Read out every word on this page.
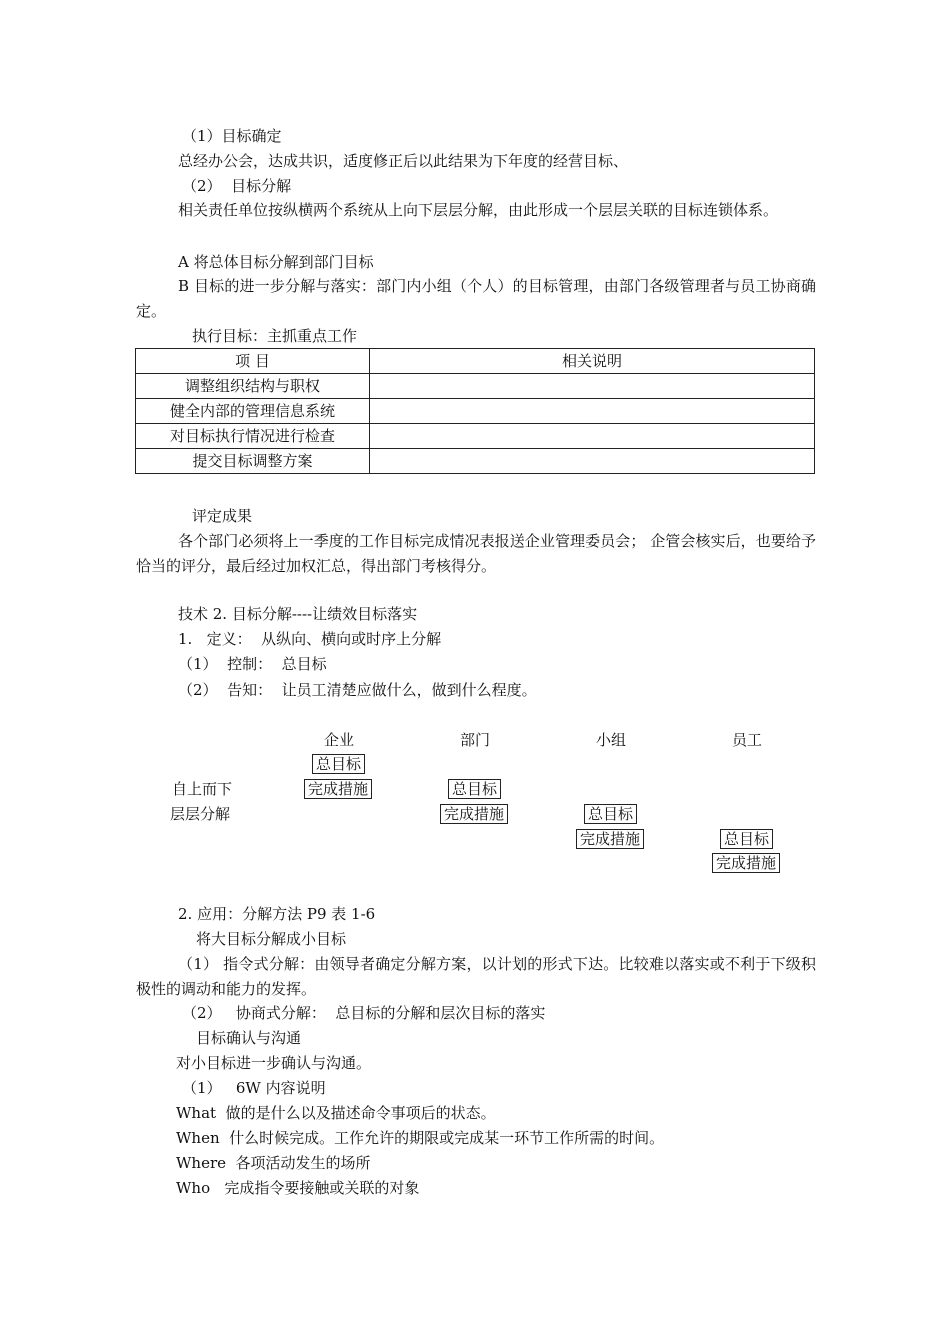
（1）目标确定
总经办公会，达成共识，适度修正后以此结果为下年度的经营目标、
（2）  目标分解
相关责任单位按纵横两个系统从上向下层层分解，由此形成一个层层关联的目标连锁体系。
A 将总体目标分解到部门目标
B 目标的进一步分解与落实：部门内小组（个人）的目标管理，由部门各级管理者与员工协商确定。
执行目标：主抓重点工作
项 目	相关说明
调整组织结构与职权	
健全内部的管理信息系统	
对目标执行情况进行检查	
提交目标调整方案	
评定成果
各个部门必须将上一季度的工作目标完成情况表报送企业管理委员会； 企管会核实后，也要给予恰当的评分，最后经过加权汇总，得出部门考核得分。
技术 2. 目标分解----让绩效目标落实
1.   定义：  从纵向、横向或时序上分解
（1）  控制：  总目标
（2）  告知：  让员工清楚应做什么，做到什么程度。
企业	部门	小组	员工
自上而下
层层分解
总目标
完成措施	总目标
完成措施	总目标
完成措施	总目标
完成措施
2. 应用：分解方法 P9 表 1-6
将大目标分解成小目标
（1） 指令式分解：由领导者确定分解方案，以计划的形式下达。比较难以落实或不利于下级积极性的调动和能力的发挥。
（2）   协商式分解：  总目标的分解和层次目标的落实
目标确认与沟通
对小目标进一步确认与沟通。
（1）   6W 内容说明
What  做的是什么以及描述命令事项后的状态。
When  什么时候完成。工作允许的期限或完成某一环节工作所需的时间。
Where  各项活动发生的场所
Who   完成指令要接触或关联的对象
